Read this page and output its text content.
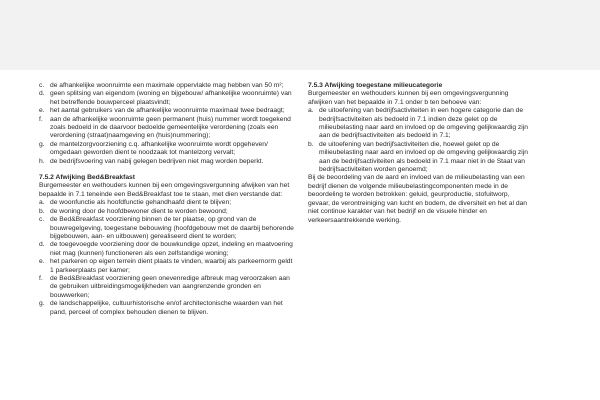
c. de afhankelijke woonruimte een maximale oppervlakte mag hebben van 50 m²;
d. geen splitsing van eigendom (woning en bijgebouw/ afhankelijke woonruimte) van het betreffende bouwperceel plaatsvindt;
e. het aantal gebruikers van de afhankelijke woonruimte maximaal twee bedraagt;
f.	aan de afhankelijke woonruimte geen permanent (huis) nummer wordt toegekend zoals bedoeld in de daarvoor bedoelde gemeentelijke verordening (zoals een verordening (straat)naamgeving en (huis)nummering);
g. de mantelzorgvoorziening c.q. afhankelijke woonruimte wordt opgeheven/ omgedaan geworden dient te noodzaak tot mantelzorg vervalt;
h. de bedrijfsvoering van nabij gelegen bedrijven niet mag worden beperkt.
7.5.2 Afwijking Bed&Breakfast
Burgemeester en wethouders kunnen bij een omgevingsvergunning afwijken van het bepaalde in 7.1 teneinde een Bed&Breakfast toe te staan, met dien verstande dat:
a. de woonfunctie als hoofdfunctie gehandhaafd dient te blijven;
b. de woning door de hoofdbewoner dient te worden bewoond;
c. de Bed&Breakfast voorziening binnen de ter plaatse, op grond van de bouwregelgeving, toegestane bebouwing (hoofdgebouw met de daarbij behorende bijgebouwen, aan- en uitbouwen) gerealiseerd dient te worden;
d. de toegevoegde voorziening door de bouwkundige opzet, indeling en maatvoering niet mag (kunnen) functioneren als een zelfstandige woning;
e. het parkeren op eigen terrein dient plaats te vinden, waarbij als parkeernorm geldt 1 parkeerplaats per kamer;
f.	de Bed&Breakfast voorziening geen onevenredige afbreuk mag veroorzaken aan de gebruiken uitbreidingsmogelijkheden van aangrenzende gronden en bouwwerken;
g. de landschappelijke, cultuurhistorische en/of architectonische waarden van het pand, perceel of complex behouden dienen te blijven.
7.5.3 Afwijking toegestane milieucategorie
Burgemeester en wethouders kunnen bij een omgevingsvergunning afwijken van het bepaalde in 7.1 onder b ten behoeve van:
a. de uitoefening van bedrijfsactiviteiten in een hogere categorie dan de bedrijfsactiviteiten als bedoeld in 7.1 indien deze gelet op de milieubelasting naar aard en invloed op de omgeving gelijkwaardig zijn aan de bedrijfsactiviteiten als bedoeld in 7.1;
b. de uitoefening van bedrijfsactiviteiten die, hoewel gelet op de milieubelasting naar aard en invloed op de omgeving gelijkwaardig zijn aan de bedrijfsactiviteiten als bedoeld in 7.1 maar niet in de Staat van bedrijfsactiviteiten worden genoemd;
Bij de beoordeling van de aard en invloed van de milieubelasting van een bedrijf dienen de volgende milieubelastingcomponenten mede in de beoordeling te worden betrokken: geluid, geurproductie, stofuitworp, gevaar, de verontreiniging van lucht en bodem, de diversiteit en het al dan niet continue karakter van het bedrijf en de visuele hinder en verkeersaantrekkende werking.
